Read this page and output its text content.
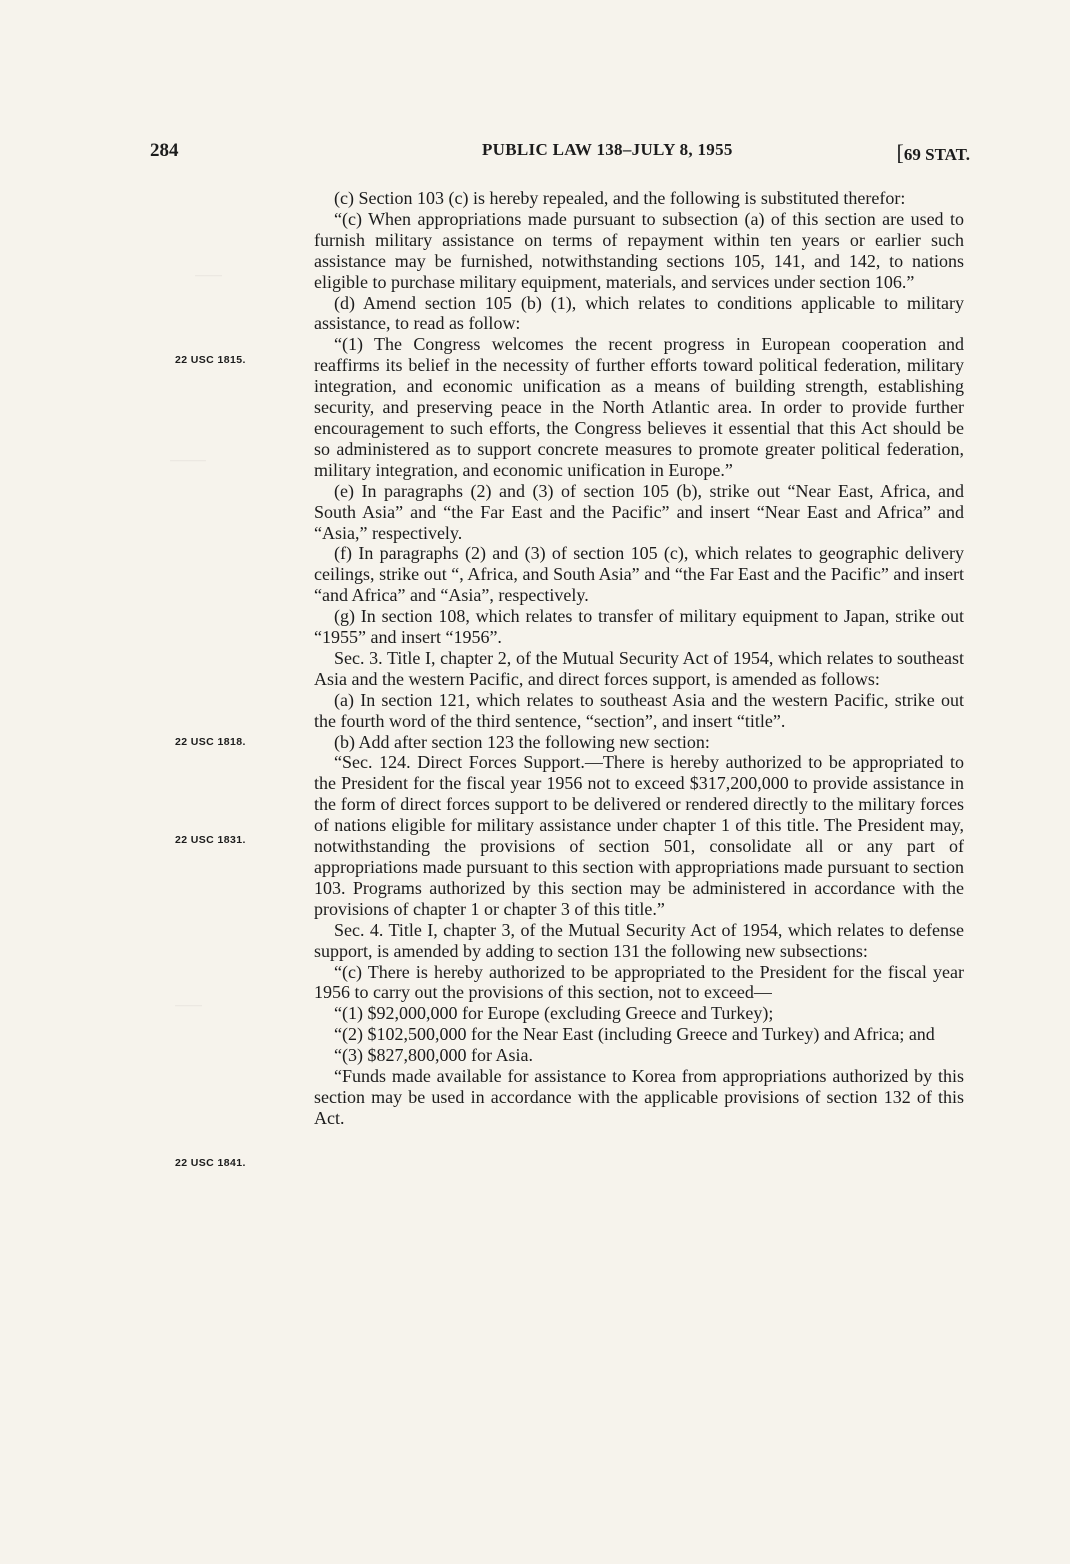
———
————
———
284	PUBLIC LAW 138–JULY 8, 1955	[69 STAT.
22 USC 1815.
22 USC 1818.
22 USC 1831.
22 USC 1841.

(c) Section 103 (c) is hereby repealed, and the following is substituted therefor:

“(c) When appropriations made pursuant to subsection (a) of this section are used to furnish military assistance on terms of repayment within ten years or earlier such assistance may be furnished, notwithstanding sections 105, 141, and 142, to nations eligible to purchase military equipment, materials, and services under section 106.”

(d) Amend section 105 (b) (1), which relates to conditions applicable to military assistance, to read as follow:

“(1) The Congress welcomes the recent progress in European cooperation and reaffirms its belief in the necessity of further efforts toward political federation, military integration, and economic unification as a means of building strength, establishing security, and preserving peace in the North Atlantic area. In order to provide further encouragement to such efforts, the Congress believes it essential that this Act should be so administered as to support concrete measures to promote greater political federation, military integration, and economic unification in Europe.”

(e) In paragraphs (2) and (3) of section 105 (b), strike out “Near East, Africa, and South Asia” and “the Far East and the Pacific” and insert “Near East and Africa” and “Asia,” respectively.

(f) In paragraphs (2) and (3) of section 105 (c), which relates to geographic delivery ceilings, strike out “, Africa, and South Asia” and “the Far East and the Pacific” and insert “and Africa” and “Asia”, respectively.

(g) In section 108, which relates to transfer of military equipment to Japan, strike out “1955” and insert “1956”.

Sec. 3. Title I, chapter 2, of the Mutual Security Act of 1954, which relates to southeast Asia and the western Pacific, and direct forces support, is amended as follows:

(a) In section 121, which relates to southeast Asia and the western Pacific, strike out the fourth word of the third sentence, “section”, and insert “title”.

(b) Add after section 123 the following new section:

“Sec. 124. Direct Forces Support.—There is hereby authorized to be appropriated to the President for the fiscal year 1956 not to exceed $317,200,000 to provide assistance in the form of direct forces support to be delivered or rendered directly to the military forces of nations eligible for military assistance under chapter 1 of this title. The President may, notwithstanding the provisions of section 501, consolidate all or any part of appropriations made pursuant to this section with appropriations made pursuant to section 103. Programs authorized by this section may be administered in accordance with the provisions of chapter 1 or chapter 3 of this title.”

Sec. 4. Title I, chapter 3, of the Mutual Security Act of 1954, which relates to defense support, is amended by adding to section 131 the following new subsections:

“(c) There is hereby authorized to be appropriated to the President for the fiscal year 1956 to carry out the provisions of this section, not to exceed—

“(1) $92,000,000 for Europe (excluding Greece and Turkey);

“(2) $102,500,000 for the Near East (including Greece and Turkey) and Africa; and

“(3) $827,800,000 for Asia.

“Funds made available for assistance to Korea from appropriations authorized by this section may be used in accordance with the applicable provisions of section 132 of this Act.
